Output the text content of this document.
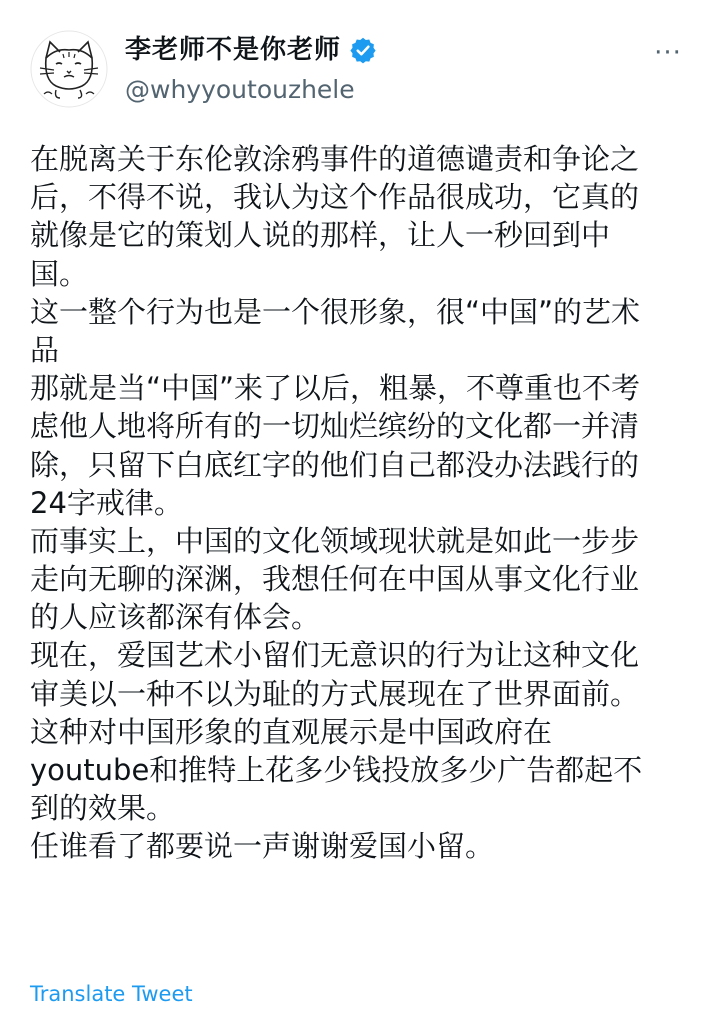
李老师不是你老师
@whyyoutouzhele
···
在脱离关于东伦敦涂鸦事件的道德谴责和争论之
后，不得不说，我认为这个作品很成功，它真的
就像是它的策划人说的那样，让人一秒回到中
国。
这一整个行为也是一个很形象，很“中国”的艺术
品
那就是当“中国”来了以后，粗暴，不尊重也不考
虑他人地将所有的一切灿烂缤纷的文化都一并清
除，只留下白底红字的他们自己都没办法践行的
24字戒律。
而事实上，中国的文化领域现状就是如此一步步
走向无聊的深渊，我想任何在中国从事文化行业
的人应该都深有体会。
现在，爱国艺术小留们无意识的行为让这种文化
审美以一种不以为耻的方式展现在了世界面前。
这种对中国形象的直观展示是中国政府在
youtube和推特上花多少钱投放多少广告都起不
到的效果。
任谁看了都要说一声谢谢爱国小留。
Translate Tweet
